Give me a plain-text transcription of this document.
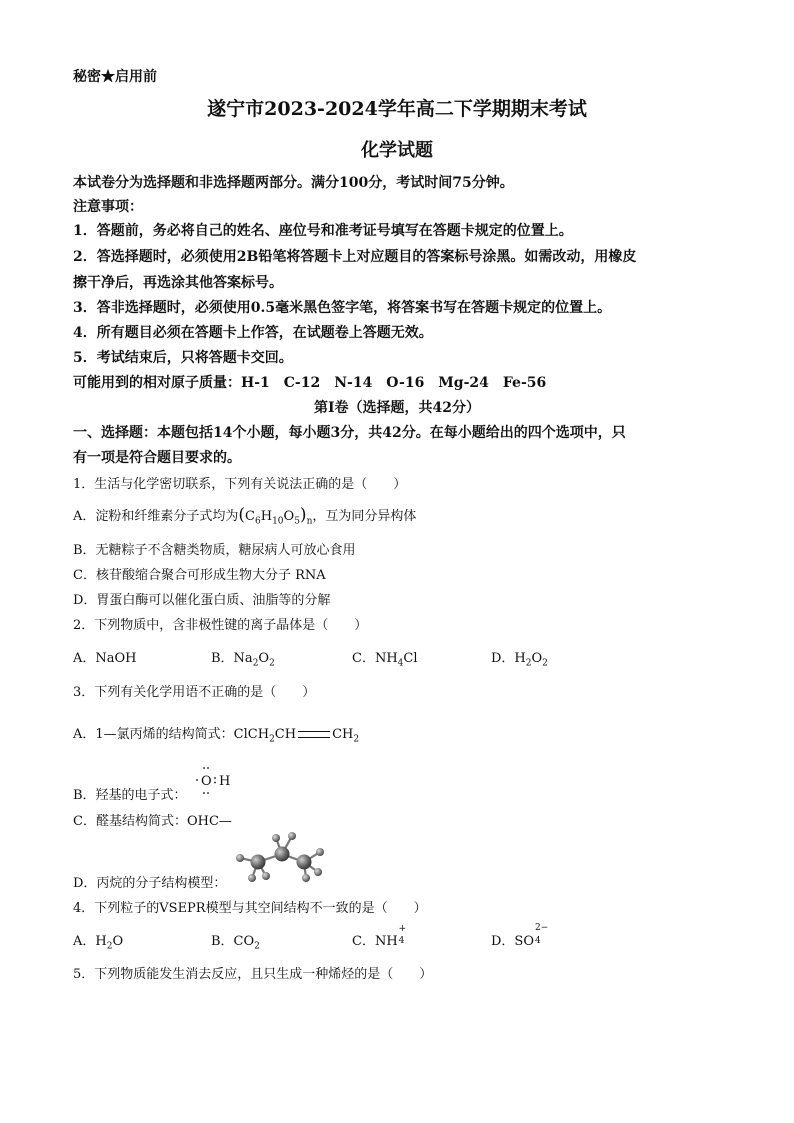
秘密★启用前
遂宁市2023-2024学年高二下学期期末考试
化学试题
本试卷分为选择题和非选择题两部分。满分100分，考试时间75分钟。
注意事项：
1．答题前，务必将自己的姓名、座位号和准考证号填写在答题卡规定的位置上。
2．答选择题时，必须使用2B铅笔将答题卡上对应题目的答案标号涂黑。如需改动，用橡皮
擦干净后，再选涂其他答案标号。
3．答非选择题时，必须使用0.5毫米黑色签字笔，将答案书写在答题卡规定的位置上。
4．所有题目必须在答题卡上作答，在试题卷上答题无效。
5．考试结束后，只将答题卡交回。
可能用到的相对原子质量：H-1　C-12　N-14　O-16　Mg-24　Fe-56
第Ⅰ卷（选择题，共42分）
一、选择题：本题包括14个小题，每小题3分，共42分。在每小题给出的四个选项中，只
有一项是符合题目要求的。
1．生活与化学密切联系，下列有关说法正确的是（　　）
A．淀粉和纤维素分子式均为$(C_6H_{10}O_5)_n$，互为同分异构体
B．无糖粽子不含糖类物质，糖尿病人可放心食用
C．核苷酸缩合聚合可形成生物大分子 RNA
D．胃蛋白酶可以催化蛋白质、油脂等的分解
2．下列物质中，含非极性键的离子晶体是（　　）
A．NaOH	B．$Na_2O_2$	C．$NH_4Cl$	D．$H_2O_2$
3．下列有关化学用语不正确的是（　　）
A．1—氯丙烯的结构简式：ClCH$_2$CH	$CH_2$
B．羟基的电子式：
O H
C．醛基结构简式：OHC—
D．丙烷的分子结构模型：
4．下列粒子的VSEPR模型与其空间结构不一致的是（　　）
A．$H_2O$	B．$CO_2$	C．NH
+
4	D．SO
2−
4
5．下列物质能发生消去反应，且只生成一种烯烃的是（　　）
